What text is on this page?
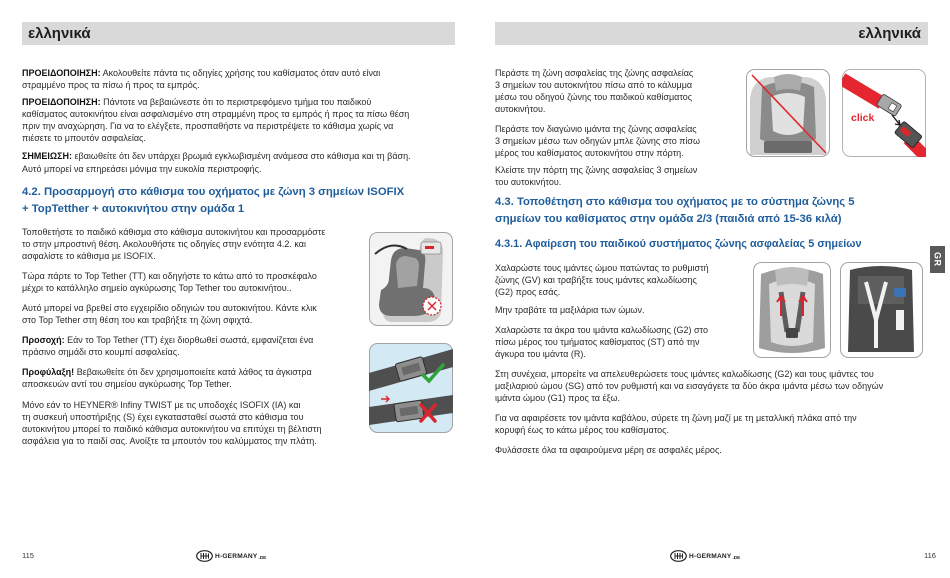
ελληνικά
ΠΡΟΕΙΔΟΠΟΙΗΣΗ: Ακολουθείτε πάντα τις οδηγίες χρήσης του καθίσματος όταν αυτό είναι
στραμμένο προς τα πίσω ή προς τα εμπρός.
ΠΡΟΕΙΔΟΠΟΙΗΣΗ: Πάντοτε να βεβαιώνεστε ότι το περιστρεφόμενο τμήμα του παιδικού
καθίσματος αυτοκινήτου είναι ασφαλισμένο στη στραμμένη προς τα εμπρός ή προς τα πίσω θέση
πριν την αναχώρηση. Για να το ελέγξετε, προσπαθήστε να περιστρέψετε το κάθισμα χωρίς να
πιέσετε το μπουτόν ασφαλείας.
ΣΗΜΕΙΩΣΗ: εβαιωθείτε ότι δεν υπάρχει βρωμιά εγκλωβισμένη ανάμεσα στο κάθισμα και τη βάση.
Αυτό μπορεί να επηρεάσει μόνιμα την ευκολία περιστροφής.
4.2. Προσαρμογή στο κάθισμα του οχήματος με ζώνη 3 σημείων ISOFIX
+ TopTetther + αυτοκινήτου στην ομάδα 1
Τοποθετήστε το παιδικό κάθισμα στο κάθισμα αυτοκινήτου και προσαρμόστε
το στην μπροστινή θέση. Ακολουθήστε τις οδηγίες στην ενότητα 4.2. και
ασφαλίστε το κάθισμα με ISOFIX.
Τώρα πάρτε το Top Tether (TT) και οδηγήστε το κάτω από το προσκέφαλο
μέχρι το κατάλληλο σημείο αγκύρωσης Top Tether του αυτοκινήτου..
Αυτό μπορεί να βρεθεί στο εγχειρίδιο οδηγιών του αυτοκινήτου. Κάντε κλικ
στο Top Tether στη θέση του και τραβήξτε τη ζώνη σφιχτά.
Προσοχή: Εάν το Top Tether (TT) έχει διορθωθεί σωστά, εμφανίζεται ένα
πράσινο σημάδι στο κουμπί ασφαλείας.
Προφύλαξη! Βεβαιωθείτε ότι δεν χρησιμοποιείτε κατά λάθος τα άγκιστρα
αποσκευών αντί του σημείου αγκύρωσης Top Tether.
Μόνο εάν το HEYNER® Infiny TWIST με τις υποδοχές ISOFIX (IA) και
τη συσκευή υποστήριξης (S) έχει εγκατασταθεί σωστά στο κάθισμα του
αυτοκινήτου μπορεί το παιδικό κάθισμα αυτοκινήτου να επιτύχει τη βέλτιστη
ασφάλεια για το παιδί σας. Ανοίξτε τα μπουτόν του καλύμματος την πλάτη.
115	H-GERMANY .DE
ελληνικά
Περάστε τη ζώνη ασφαλείας της ζώνης ασφαλείας
3 σημείων του αυτοκινήτου πίσω από το κάλυμμα
μέσω του οδηγού ζώνης του παιδικού καθίσματος
αυτοκινήτου.
Περάστε τον διαγώνιο ιμάντα της ζώνης ασφαλείας
3 σημείων μέσω των οδηγών μπλε ζώνης στο πίσω
μέρος του καθίσματος αυτοκινήτου στην πόρτη.
Κλείστε την πόρτη της ζώνης ασφαλείας 3 σημείων
του αυτοκινήτου.
4.3. Τοποθέτηση στο κάθισμα του οχήματος με το σύστημα ζώνης 5
σημείων του καθίσματος στην ομάδα 2/3 (παιδιά από 15-36 κιλά)
4.3.1. Αφαίρεση του παιδικού συστήματος ζώνης ασφαλείας 5 σημείων
Χαλαρώστε τους ιμάντες ώμου πατώντας το ρυθμιστή
ζώνης (GV) και τραβήξτε τους ιμάντες καλωδίωσης
(G2) προς εσάς.
Μην τραβάτε τα μαξιλάρια των ώμων.
Χαλαρώστε τα άκρα του ιμάντα καλωδίωσης (G2) στο
πίσω μέρος του τμήματος καθίσματος (ST) από την
άγκυρα του ιμάντα (R).
Στη συνέχεια, μπορείτε να απελευθερώσετε τους ιμάντες καλωδίωσης (G2) και τους ιμάντες του
μαξιλαριού ώμου (SG) από τον ρυθμιστή και να εισαγάγετε τα δύο άκρα ιμάντα μέσω των οδηγών
ιμάντα ώμου (G1) προς τα έξω.
Για να αφαιρέσετε τον ιμάντα καβάλου, σύρετε τη ζώνη μαζί με τη μεταλλική πλάκα από την
κορυφή έως το κάτω μέρος του καθίσματος.
Φυλάσσετε όλα τα αφαιρούμενα μέρη σε ασφαλές μέρος.
click
GR
H-GERMANY .DE	116
